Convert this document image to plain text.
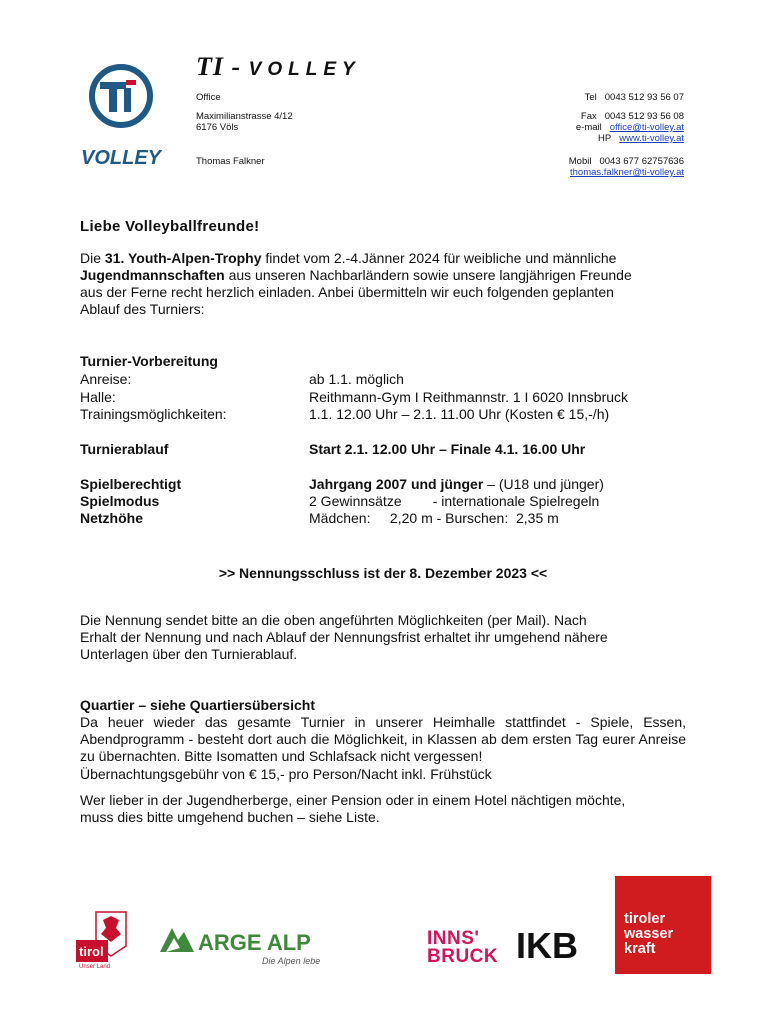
VOLLEY
TI - VOLLEY
Office
Maximilianstrasse 4/12
6176 Völs
Thomas Falkner
Tel 0043 512 93 56 07
Fax 0043 512 93 56 08
e-mail office@ti-volley.at
HP www.ti-volley.at
Mobil 0043 677 62757636
thomas.falkner@ti-volley.at
Liebe Volleyballfreunde!
Die 31. Youth-Alpen-Trophy findet vom 2.-4.Jänner 2024 für weibliche und männliche
Jugendmannschaften aus unseren Nachbarländern sowie unsere langjährigen Freunde
aus der Ferne recht herzlich einladen. Anbei übermitteln wir euch folgenden geplanten
Ablauf des Turniers:
Turnier-Vorbereitung
Anreise:	ab 1.1. möglich
Halle:	Reithmann-Gym I Reithmannstr. 1 I 6020 Innsbruck
Trainingsmöglichkeiten:	1.1. 12.00 Uhr – 2.1. 11.00 Uhr (Kosten € 15,-/h)
Turnierablauf	Start 2.1. 12.00 Uhr – Finale 4.1. 16.00 Uhr
Spielberechtigt	Jahrgang 2007 und jünger – (U18 und jünger)
Spielmodus	2 Gewinnsätze        - internationale Spielregeln
Netzhöhe	Mädchen:     2,20 m - Burschen:  2,35 m
>> Nennungsschluss ist der 8. Dezember 2023 <<
Die Nennung sendet bitte an die oben angeführten Möglichkeiten (per Mail). Nach
Erhalt der Nennung und nach Ablauf der Nennungsfrist erhaltet ihr umgehend nähere
Unterlagen über den Turnierablauf.
Quartier – siehe Quartiersübersicht
Da heuer wieder das gesamte Turnier in unserer Heimhalle stattfindet - Spiele, Essen, Abendprogramm - besteht dort auch die Möglichkeit, in Klassen ab dem ersten Tag eurer Anreise zu übernachten. Bitte Isomatten und Schlafsack nicht vergessen!
Übernachtungsgebühr von € 15,- pro Person/Nacht inkl. Frühstück
Wer lieber in der Jugendherberge, einer Pension oder in einem Hotel nächtigen möchte,
muss dies bitte umgehend buchen – siehe Liste.
tirol
Unser Land
ARGE ALP
Die Alpen leben
INNS'
BRUCK IKB
tiroler
wasser
kraft
